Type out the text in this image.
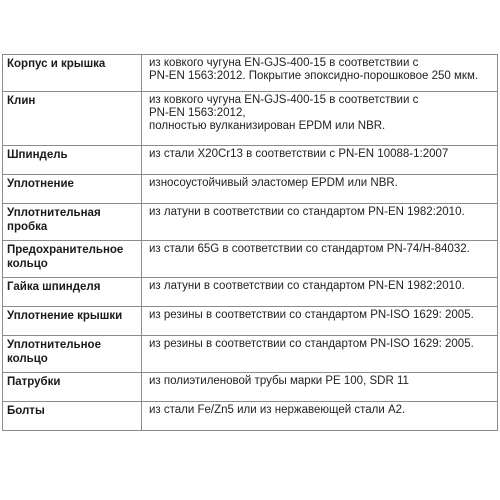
Корпус и крышка	из ковкого чугуна EN-GJS-400-15 в соответствии с
PN-EN 1563:2012. Покрытие эпоксидно-порошковое 250 мкм.

Клин	из ковкого чугуна EN-GJS-400-15 в соответствии с
PN-EN 1563:2012,
полностью вулканизирован EPDM или NBR.

Шпиндель	из стали X20Cr13 в соответствии с PN-EN 10088-1:2007

Уплотнение	износоустойчивый эластомер EPDM или NBR.

Уплотнительная пробка	из латуни в соответствии со стандартом PN-EN 1982:2010.

Предохранительное кольцо	из стали 65G в соответствии со стандартом PN-74/H-84032.

Гайка шпинделя	из латуни в соответствии со стандартом PN-EN 1982:2010.

Уплотнение крышки	из резины в соответствии со стандартом PN-ISO 1629: 2005.

Уплотнительное кольцо	из резины в соответствии со стандартом PN-ISO 1629: 2005.

Патрубки	из полиэтиленовой трубы марки PE 100, SDR 11

Болты	из стали Fe/Zn5 или из нержавеющей стали A2.
